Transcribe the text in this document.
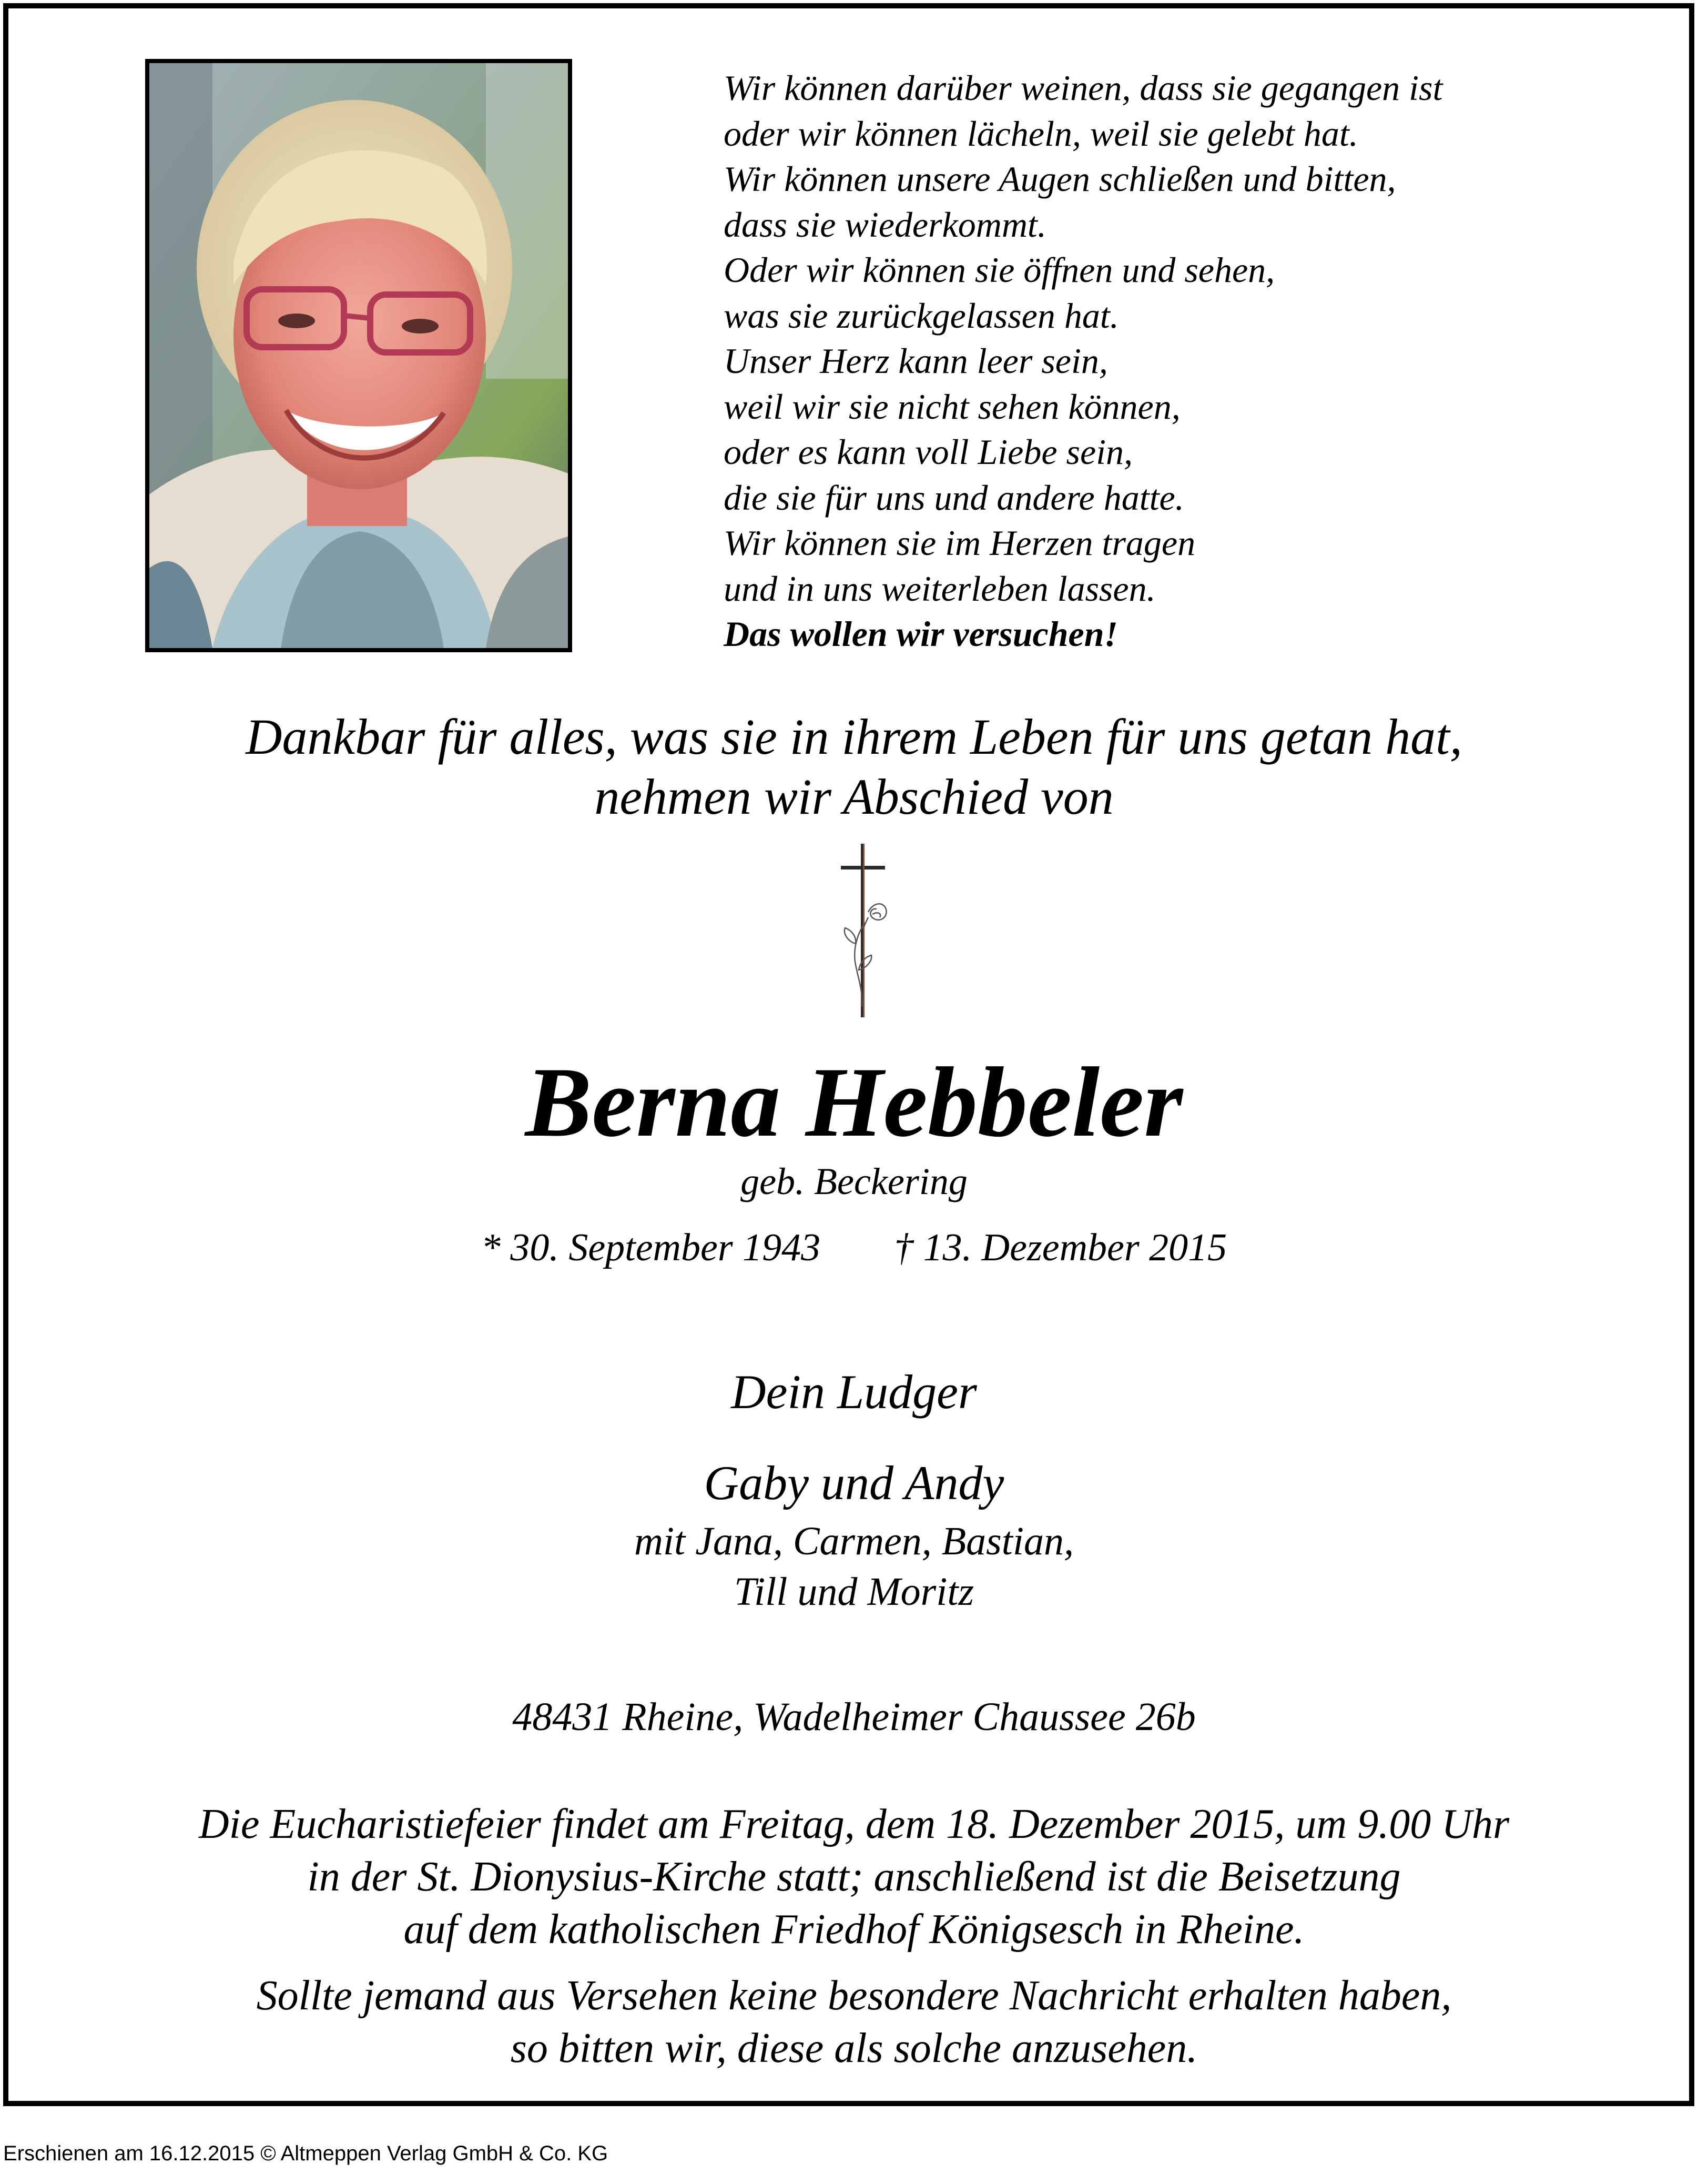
Wir können darüber weinen, dass sie gegangen ist
oder wir können lächeln, weil sie gelebt hat.
Wir können unsere Augen schließen und bitten,
dass sie wiederkommt.
Oder wir können sie öffnen und sehen,
was sie zurückgelassen hat.
Unser Herz kann leer sein,
weil wir sie nicht sehen können,
oder es kann voll Liebe sein,
die sie für uns und andere hatte.
Wir können sie im Herzen tragen
und in uns weiterleben lassen.
Das wollen wir versuchen!
Dankbar für alles, was sie in ihrem Leben für uns getan hat,
nehmen wir Abschied von
Berna Hebbeler
geb. Beckering
* 30. September 1943 † 13. Dezember 2015
Dein Ludger
Gaby und Andy
mit Jana, Carmen, Bastian,
Till und Moritz
48431 Rheine, Wadelheimer Chaussee 26b
Die Eucharistiefeier findet am Freitag, dem 18. Dezember 2015, um 9.00 Uhr
in der St. Dionysius-Kirche statt; anschließend ist die Beisetzung
auf dem katholischen Friedhof Königsesch in Rheine.
Sollte jemand aus Versehen keine besondere Nachricht erhalten haben,
so bitten wir, diese als solche anzusehen.
Erschienen am 16.12.2015 © Altmeppen Verlag GmbH & Co. KG
